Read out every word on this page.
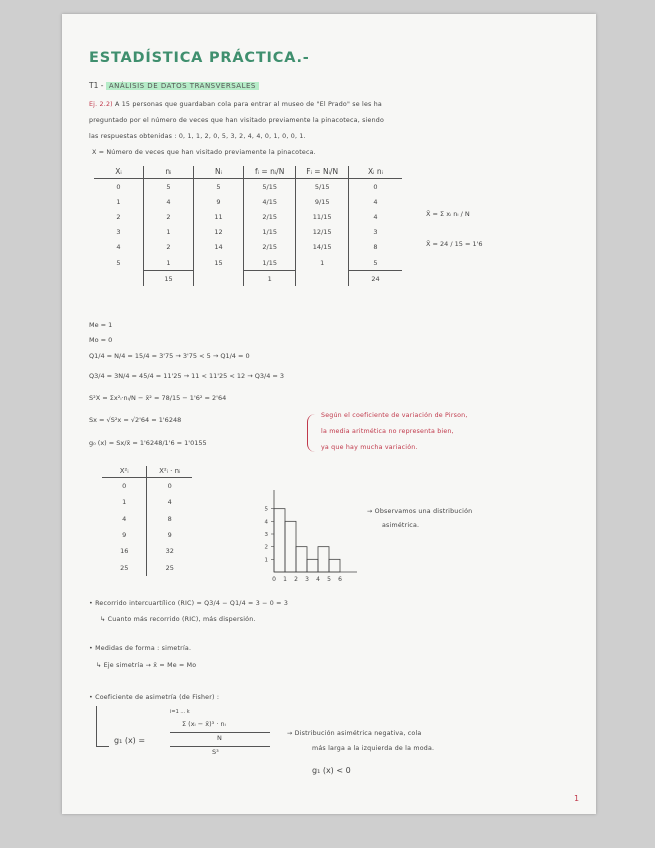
ESTADÍSTICA PRÁCTICA.-
T1 - ANÁLISIS DE DATOS TRANSVERSALES
Ej. 2.2) A 15 personas que guardaban cola para entrar al museo de "El Prado" se les ha
preguntado por el número de veces que han visitado previamente la pinacoteca, siendo
las respuestas obtenidas : 0, 1, 1, 2, 0, 5, 3, 2, 4, 4, 0, 1, 0, 0, 1.
X = Número de veces que han visitado previamente la pinacoteca.
Xᵢ	nᵢ	Nᵢ	fᵢ = nᵢ/N	Fᵢ = Nᵢ/N	Xᵢ nᵢ
0	5	5	5/15	5/15	0
1	4	9	4/15	9/15	4
2	2	11	2/15	11/15	4
3	1	12	1/15	12/15	3
4	2	14	2/15	14/15	8
5	1	15	1/15	1	5
	15		1		24
X̄ = Σ xᵢ nᵢ / N
X̄ = 24 / 15 = 1'6
Me = 1
Mo = 0
Q1/4 = N/4 = 15/4 = 3'75 → 3'75 < 5 → Q1/4 = 0
Q3/4 = 3N/4 = 45/4 = 11'25 → 11 < 11'25 < 12 → Q3/4 = 3
S²X = Σx²ᵢ·nᵢ/N − x̄² = 78/15 − 1'6² = 2'64
Sx = √S²x = √2'64 = 1'6248
g₀ (x) = Sx/x̄ = 1'6248/1'6 = 1'0155
Según el coeficiente de variación de Pirson,
la media aritmética no representa bien,
ya que hay mucha variación.
X²ᵢ	X²ᵢ · nᵢ
0	0
1	4
4	8
9	9
16	32
25	25
0 1 2 3 4 5 6
1
2
3
4
5	→ Observamos una distribución
asimétrica.
• Recorrido intercuartílico (RIC) = Q3/4 − Q1/4 = 3 − 0 = 3
↳ Cuanto más recorrido (RIC), más dispersión.
• Medidas de forma : simetría.
↳ Eje simetría → x̄ = Me = Mo
• Coeficiente de asimetría (de Fisher) :
i=1 ... k
Σ (xᵢ − x̄)³ · nᵢ
N
g₁ (x) =
S³
→ Distribución asimétrica negativa, cola
más larga a la izquierda de la moda.
g₁ (x) < 0
1
